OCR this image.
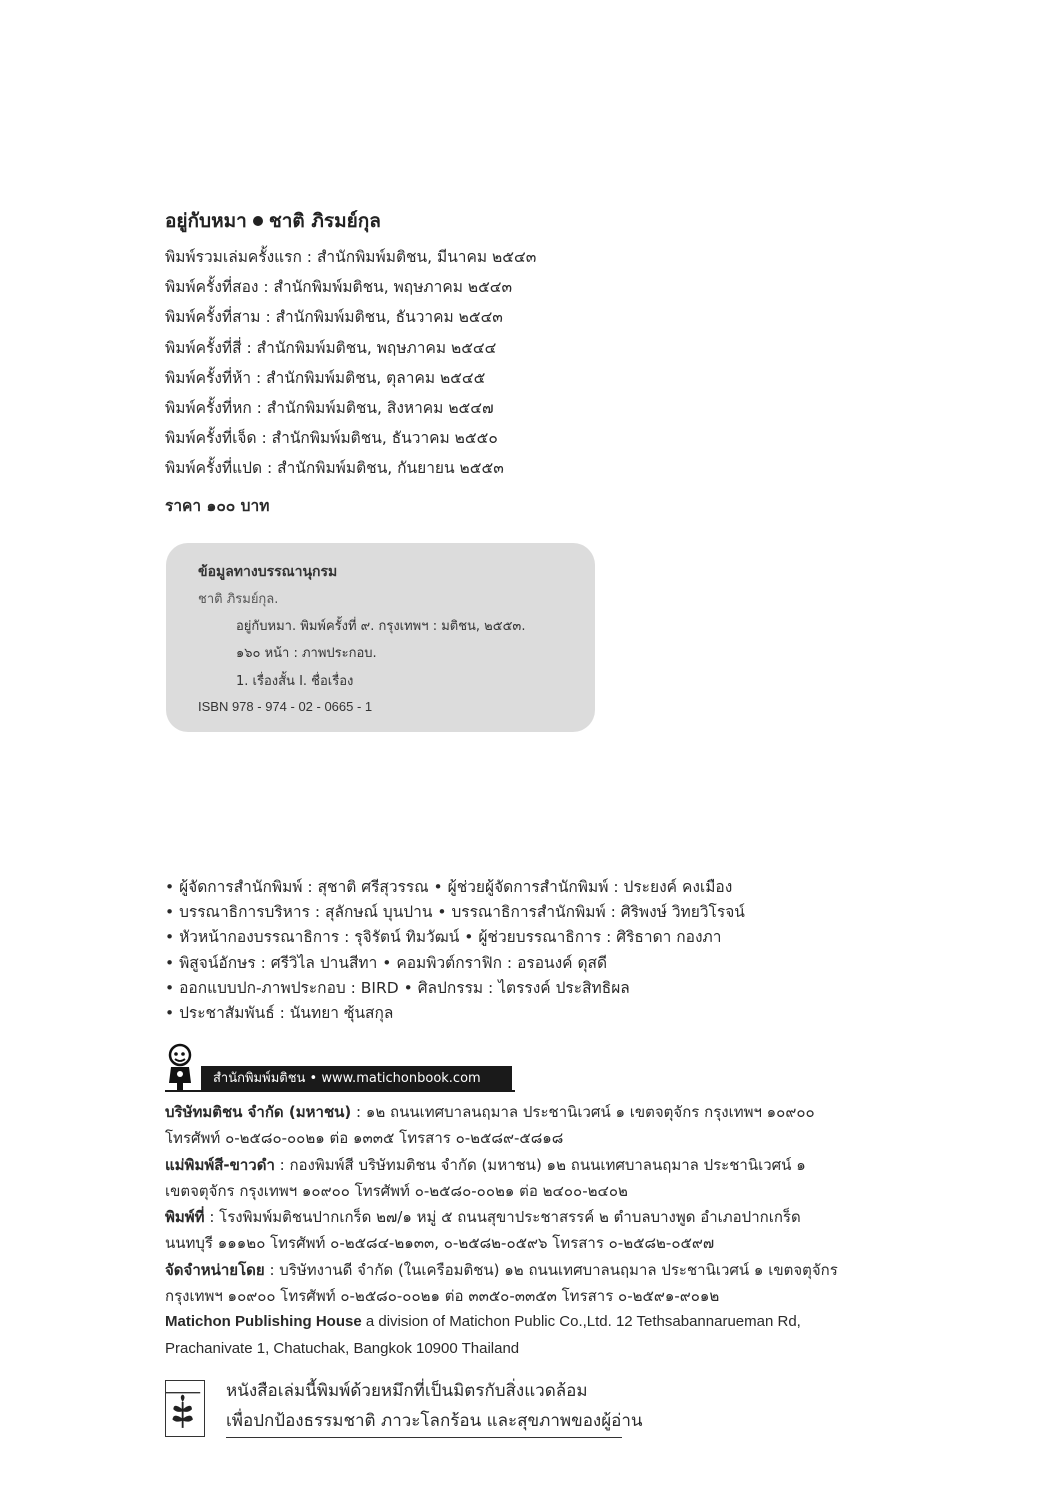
อยู่กับหมา ชาติ ภิรมย์กุล
พิมพ์รวมเล่มครั้งแรก : สำนักพิมพ์มติชน, มีนาคม ๒๕๔๓
พิมพ์ครั้งที่สอง : สำนักพิมพ์มติชน, พฤษภาคม ๒๕๔๓
พิมพ์ครั้งที่สาม : สำนักพิมพ์มติชน, ธันวาคม ๒๕๔๓
พิมพ์ครั้งที่สี่ : สำนักพิมพ์มติชน, พฤษภาคม ๒๕๔๔
พิมพ์ครั้งที่ห้า : สำนักพิมพ์มติชน, ตุลาคม ๒๕๔๕
พิมพ์ครั้งที่หก : สำนักพิมพ์มติชน, สิงหาคม ๒๕๔๗
พิมพ์ครั้งที่เจ็ด : สำนักพิมพ์มติชน, ธันวาคม ๒๕๕๐
พิมพ์ครั้งที่แปด : สำนักพิมพ์มติชน, กันยายน ๒๕๕๓
ราคา ๑๐๐ บาท
ข้อมูลทางบรรณานุกรม
ชาติ ภิรมย์กุล.
อยู่กับหมา. พิมพ์ครั้งที่ ๙. กรุงเทพฯ : มติชน, ๒๕๕๓.
๑๖๐ หน้า : ภาพประกอบ.
1. เรื่องสั้น I. ชื่อเรื่อง
ISBN 978 - 974 - 02 - 0665 - 1
• ผู้จัดการสำนักพิมพ์ : สุชาติ ศรีสุวรรณ • ผู้ช่วยผู้จัดการสำนักพิมพ์ : ประยงค์ คงเมือง
• บรรณาธิการบริหาร : สุลักษณ์ บุนปาน • บรรณาธิการสำนักพิมพ์ : ศิริพงษ์ วิทยวิโรจน์
• หัวหน้ากองบรรณาธิการ : รุจิรัตน์ ทิมวัฒน์ • ผู้ช่วยบรรณาธิการ : ศิริธาดา กองภา
• พิสูจน์อักษร : ศรีวิไล ปานสีทา • คอมพิวต์กราฟิก : อรอนงค์ ดุสดี
• ออกแบบปก-ภาพประกอบ : BIRD • ศิลปกรรม : ไตรรงค์ ประสิทธิผล
• ประชาสัมพันธ์ : นันทยา ซุ้นสกุล
สำนักพิมพ์มติชน • www.matichonbook.com
บริษัทมติชน จำกัด (มหาชน) : ๑๒ ถนนเทศบาลนฤมาล ประชานิเวศน์ ๑ เขตจตุจักร กรุงเทพฯ ๑๐๙๐๐
โทรศัพท์ ๐-๒๕๘๐-๐๐๒๑ ต่อ ๑๓๓๕ โทรสาร ๐-๒๕๘๙-๕๘๑๘
แม่พิมพ์สี-ขาวดำ : กองพิมพ์สี บริษัทมติชน จำกัด (มหาชน) ๑๒ ถนนเทศบาลนฤมาล ประชานิเวศน์ ๑
เขตจตุจักร กรุงเทพฯ ๑๐๙๐๐ โทรศัพท์ ๐-๒๕๘๐-๐๐๒๑ ต่อ ๒๔๐๐-๒๔๐๒
พิมพ์ที่ : โรงพิมพ์มติชนปากเกร็ด ๒๗/๑ หมู่ ๕ ถนนสุขาประชาสรรค์ ๒ ตำบลบางพูด อำเภอปากเกร็ด
นนทบุรี ๑๑๑๒๐ โทรศัพท์ ๐-๒๕๘๔-๒๑๓๓, ๐-๒๕๘๒-๐๕๙๖ โทรสาร ๐-๒๕๘๒-๐๕๙๗
จัดจำหน่ายโดย : บริษัทงานดี จำกัด (ในเครือมติชน) ๑๒ ถนนเทศบาลนฤมาล ประชานิเวศน์ ๑ เขตจตุจักร
กรุงเทพฯ ๑๐๙๐๐ โทรศัพท์ ๐-๒๕๘๐-๐๐๒๑ ต่อ ๓๓๕๐-๓๓๕๓ โทรสาร ๐-๒๕๙๑-๙๐๑๒
Matichon Publishing House a division of Matichon Public Co.,Ltd. 12 Tethsabannarueman Rd,
Prachanivate 1, Chatuchak, Bangkok 10900 Thailand
หนังสือเล่มนี้พิมพ์ด้วยหมึกที่เป็นมิตรกับสิ่งแวดล้อม
เพื่อปกป้องธรรมชาติ ภาวะโลกร้อน และสุขภาพของผู้อ่าน
